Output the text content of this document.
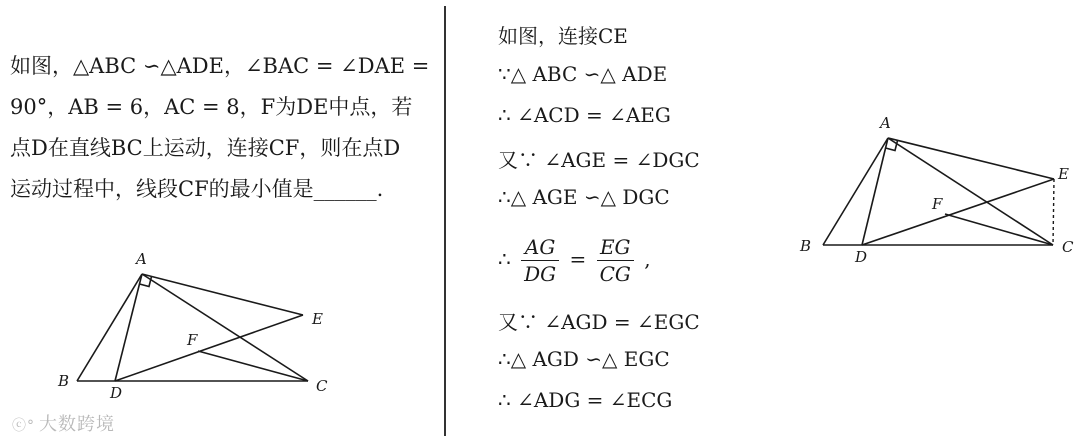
如图，△ABC ∽△ADE，∠BAC = ∠DAE =

90°，AB = 6，AC = 8，F为DE中点，若

点D在直线BC上运动，连接CF，则在点D

运动过程中，线段CF的最小值是______.

A
B	C
D
E
F
如图，连接CE
∵△ ABC ∽△ ADE
∴ ∠ACD = ∠AEG
又∵ ∠AGE = ∠DGC
∴△ AGE ∽△ DGC
∴ $\frac{AG}{DG} = \frac{EG}{CG}$ ,
又∵ ∠AGD = ∠EGC
∴△ AGD ∽△ EGC
∴ ∠ADG = ∠ECG
A
B	C
D
E
F
ⓒ° 大数跨境
